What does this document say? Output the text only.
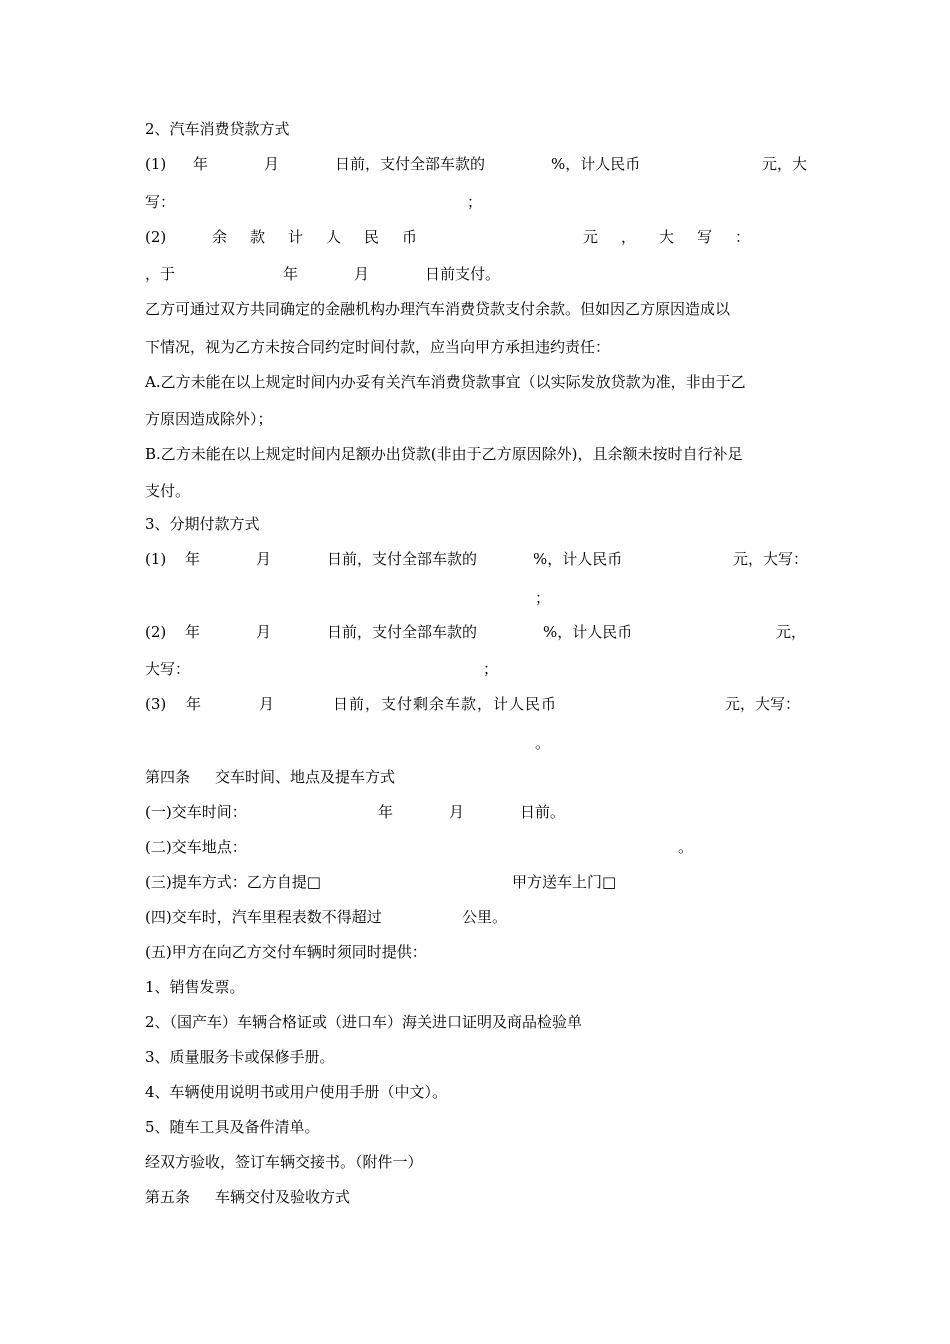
2、汽车消费贷款方式
(1) 年	月	日前，支付全部车款的	%，计人民币	元，大
写：	；
(2)	余 款 计 人 民 币	元 ， 大 写 ：
，于	年	月	日前支付。
乙方可通过双方共同确定的金融机构办理汽车消费贷款支付余款。但如因乙方原因造成以
下情况，视为乙方未按合同约定时间付款，应当向甲方承担违约责任：
A.乙方未能在以上规定时间内办妥有关汽车消费贷款事宜（以实际发放贷款为准，非由于乙
方原因造成除外）；
B.乙方未能在以上规定时间内足额办出贷款(非由于乙方原因除外)，且余额未按时自行补足
支付。
3、分期付款方式
(1) 年	月	日前，支付全部车款的	%，计人民币	元，大写：
；
(2) 年	月	日前，支付全部车款的	%，计人民币	元，
大写：	；
(3) 年	月	日前，支付剩余车款，计人民币	元，大写：
。
第四条 交车时间、地点及提车方式
(一)交车时间：	年	月	日前。
(二)交车地点：	。
(三)提车方式：乙方自提□	甲方送车上门□
(四)交车时，汽车里程表数不得超过	公里。
(五)甲方在向乙方交付车辆时须同时提供：
1、销售发票。
2、（国产车）车辆合格证或（进口车）海关进口证明及商品检验单
3、质量服务卡或保修手册。
4、车辆使用说明书或用户使用手册（中文）。
5、随车工具及备件清单。
经双方验收，签订车辆交接书。（附件一）
第五条 车辆交付及验收方式
